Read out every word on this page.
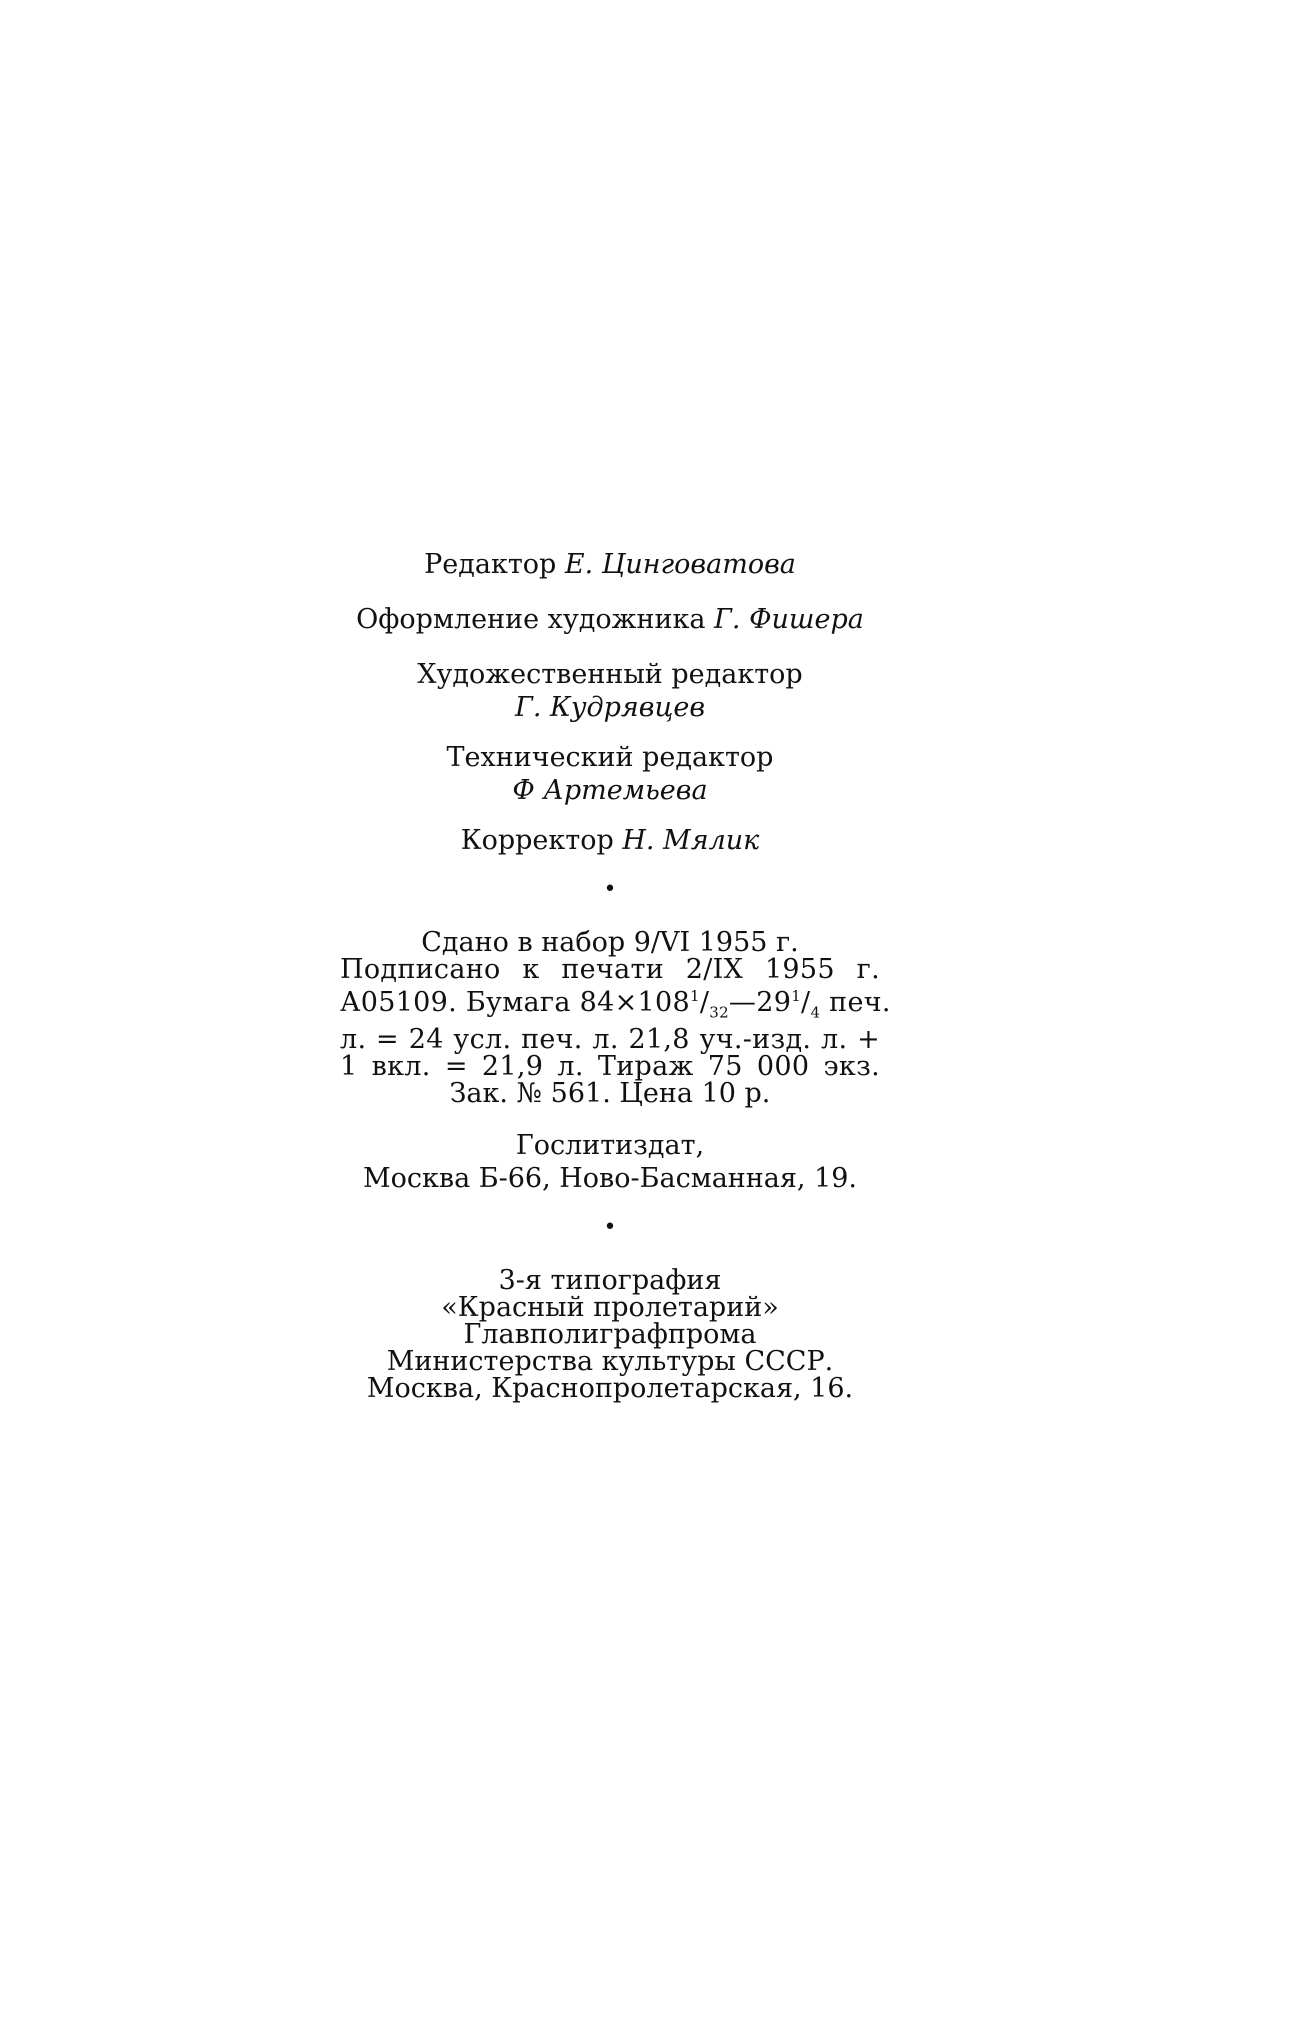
Редактор Е. Цинговатова
Оформление художника Г. Фишера
Художественный редактор
Г. Кудрявцев
Технический редактор
Ф Артемьева
Корректор Н. Мялик
•
Сдано в набор 9/VI 1955 г.
Подписано к печати 2/IX 1955 г.
А05109. Бумага $84\times 108^1/_{32}—29^1/_4$ печ.
л. = 24 усл. печ. л. 21,8 уч.-изд. л. +
1 вкл. = 21,9 л. Тираж 75 000 экз.
Зак. № 561. Цена 10 р.
Гослитиздат,
Москва Б-66, Ново-Басманная, 19.
•
3-я типография
«Красный пролетарий»
Главполиграфпрома
Министерства культуры СССР.
Москва, Краснопролетарская, 16.
